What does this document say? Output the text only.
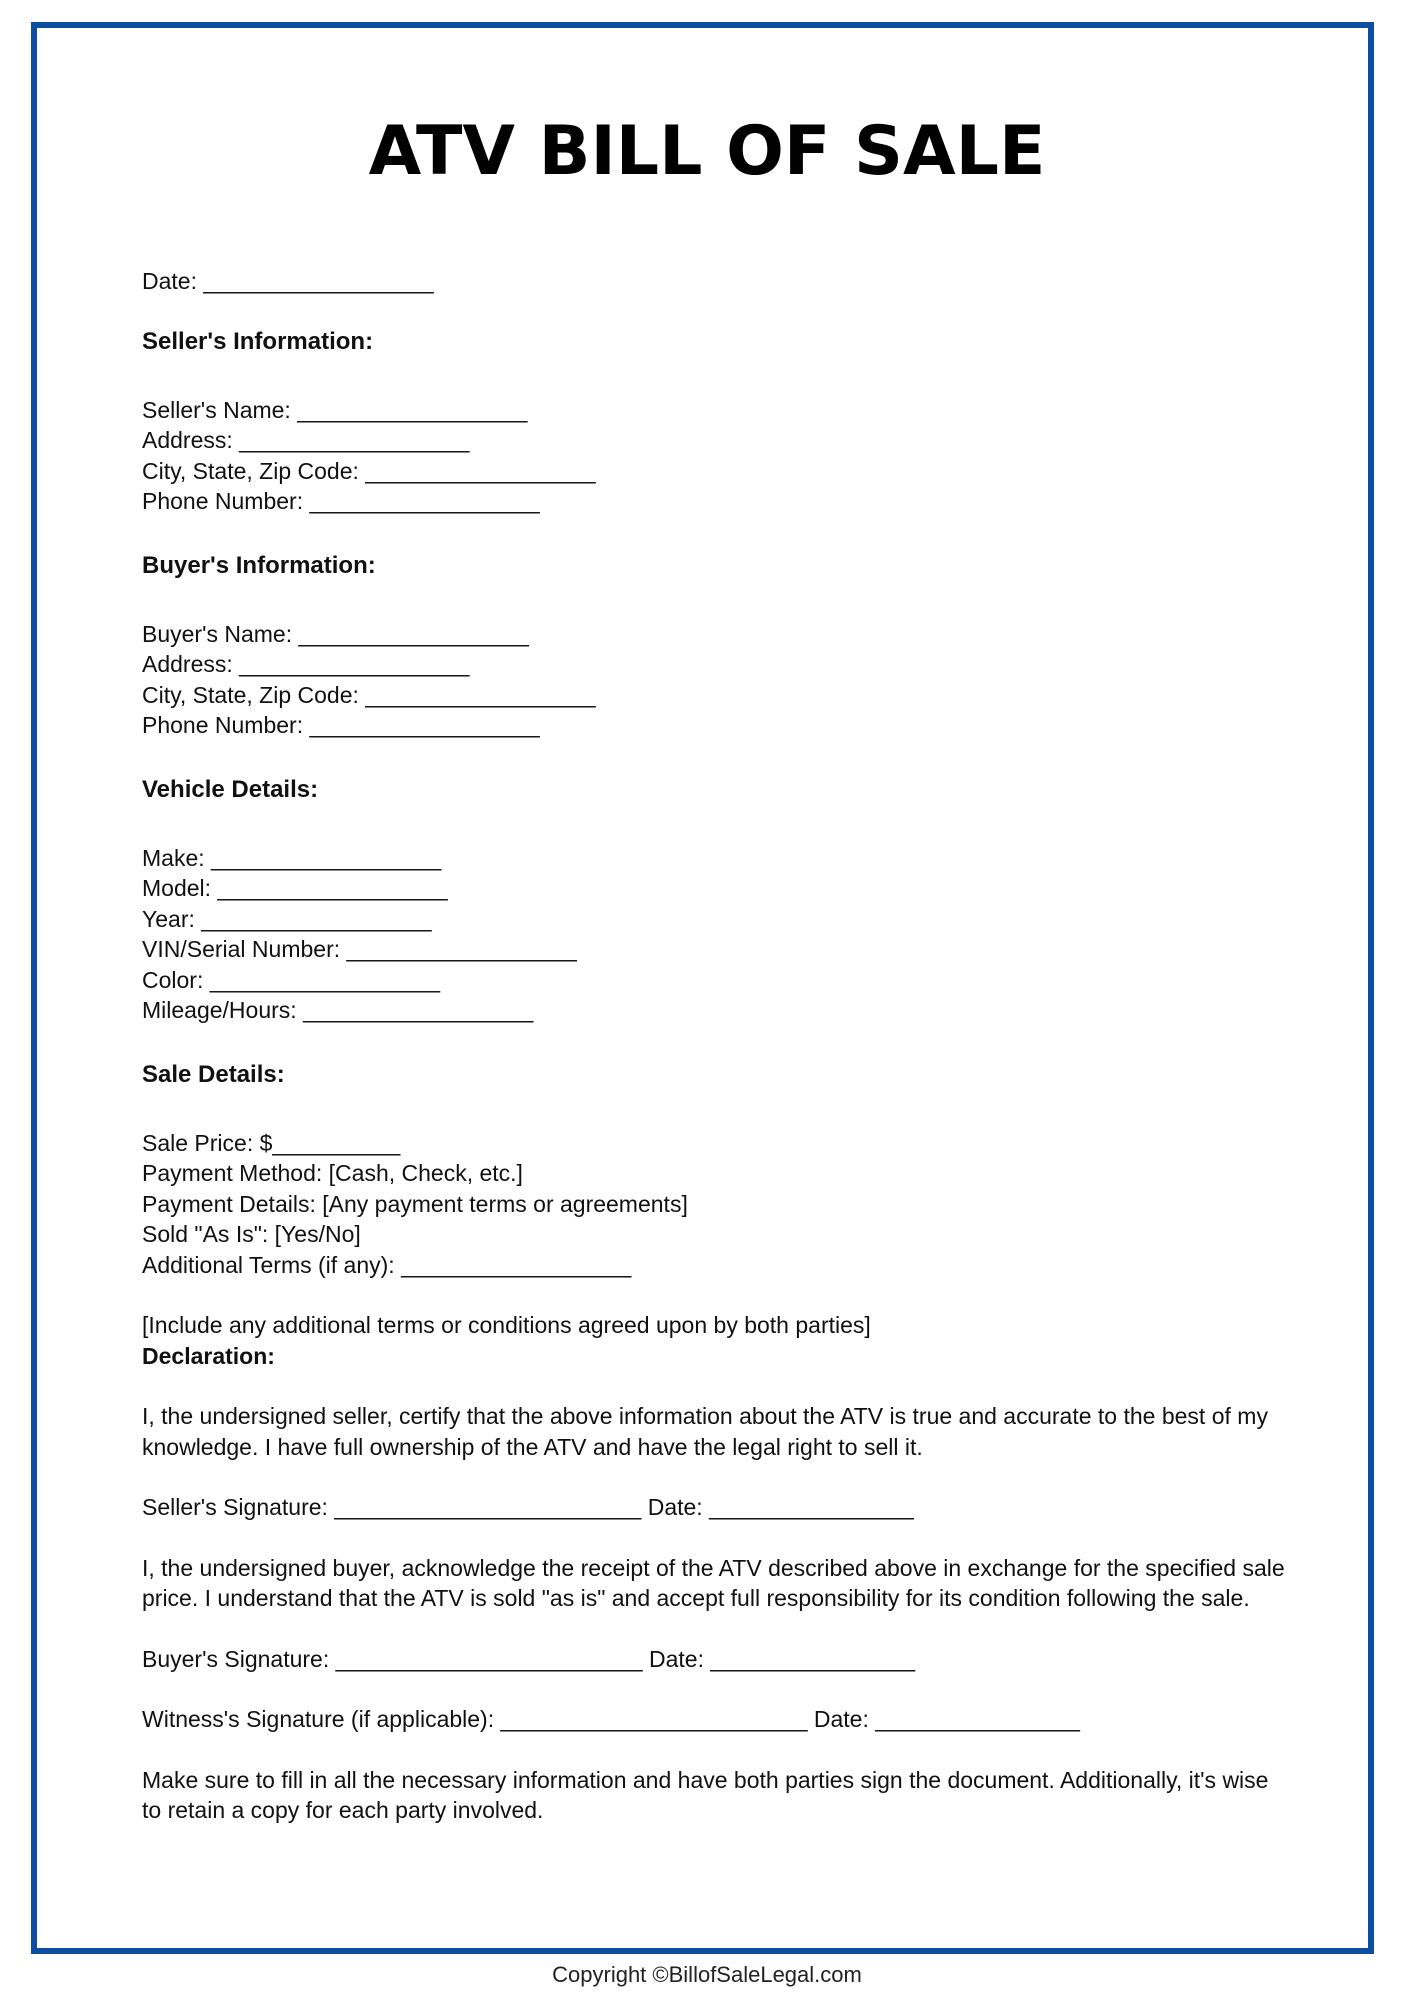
ATV BILL OF SALE
Date: __________________
Seller's Information:
Seller's Name: __________________
Address: __________________
City, State, Zip Code: __________________
Phone Number: __________________
Buyer's Information:
Buyer's Name: __________________
Address: __________________
City, State, Zip Code: __________________
Phone Number: __________________
Vehicle Details:
Make: __________________
Model: __________________
Year: __________________
VIN/Serial Number: __________________
Color: __________________
Mileage/Hours: __________________
Sale Details:
Sale Price: $__________
Payment Method: [Cash, Check, etc.]
Payment Details: [Any payment terms or agreements]
Sold "As Is": [Yes/No]
Additional Terms (if any): __________________
[Include any additional terms or conditions agreed upon by both parties]
Declaration:
I, the undersigned seller, certify that the above information about the ATV is true and accurate to the best of my knowledge. I have full ownership of the ATV and have the legal right to sell it.
Seller's Signature: ________________________ Date: ________________
I, the undersigned buyer, acknowledge the receipt of the ATV described above in exchange for the specified sale price. I understand that the ATV is sold "as is" and accept full responsibility for its condition following the sale.
Buyer's Signature: ________________________ Date: ________________
Witness's Signature (if applicable): ________________________ Date: ________________
Make sure to fill in all the necessary information and have both parties sign the document. Additionally, it's wise to retain a copy for each party involved.
Copyright ©BillofSaleLegal.com
